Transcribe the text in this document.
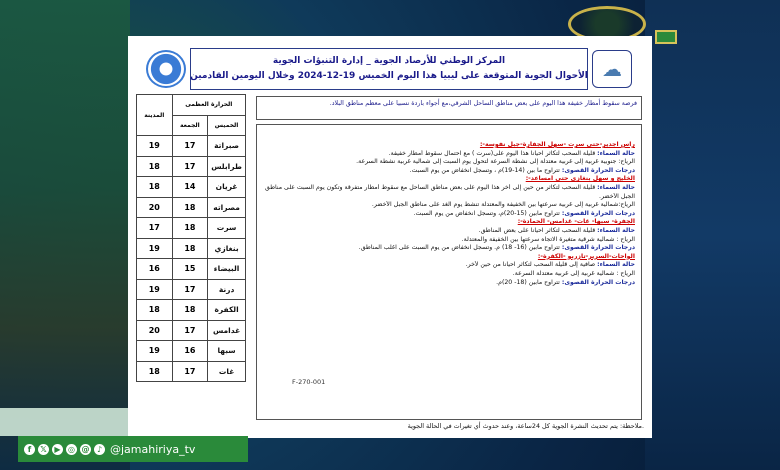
المركز الوطني للأرصاد الجوية _ إدارة التنبؤات الجوية
الأحوال الجوية المتوقعة على ليبيا هذا اليوم الخميس 19-12-2024 وخلال اليومين القادمين ☁
الحرارة العظمى		المدينة
الخميس	الجمعة	
صبراتة	17	19
طرابلس	17	18
غريان	14	18
مصراته	18	20
سرت	18	17
بنغازي	18	19
البيضاء	15	16
درنة	17	19
الكفرة	18	18
غدامس	17	20
سبها	16	19
غات	17	18
فرصة سقوط أمطار خفيفة هذا اليوم على بعض مناطق الساحل الشرقي،مع أجواء باردة نسبيا على معظم مناطق البلاد.
راس اجدير-حتى سرت -سهل الجفارة-جبل نفوسة-:
حالة السماء: قليلة السحب لتكاثر احيانا هذا اليوم على(سرت ) مع احتمال سقوط أمطار خفيفة.
الرياح: جنوبية غربية إلى غربية معتدلة إلى نشطة السرعة لتحول يوم السبت إلى شمالية غربية نشطة السرعة.
درجات الحرارة القصوى: تتراوح ما بين (14-19)م ، وتسجل انخفاض من يوم السبت.
الخليج و سهل بنغازي حتى امساعد-:
حالة السماء: قليلة السحب لتكاثر من حين إلى أخر هذا اليوم على بعض مناطق الساحل مع سقوط أمطار متفرقة وتكون يوم السبت على مناطق
الجبل الأخضر.
الرياح:شمالية غربية إلى غربية سرعتها بين الخفيفة والمعتدلة تنشط يوم الغد على مناطق الجبل الأخضر.
درجات الحرارة القصوى: تتراوح مابين (15-20)م، وتسجل انخفاض من يوم السبت.
الجفرة- سبها- غات- غدامس- الحمادة-:
حالة السماء: قليلة السحب لتكاثر احيانا على بعض المناطق.
الرياح : شمالية شرقية متغيرة الاتجاه سرعتها بين الخفيفة والمعتدلة.
درجات الحرارة القصوى: تتراوح مابين (16- 18) م. وتسجل انخفاض من يوم السبت على اغلب المناطق.
الواحات-السرير-تازربو -الكفرة-:
حالة السماء: صافية إلى قليلة السحب لتكاثر احيانا من حين لأخر.
الرياح : شمالية غربية إلى غربية معتدلة السرعة.
درجات الحرارة القصوى: تتراوح مابين (18- 20)م.
F-270-001
ملاحظة: يتم تحديث النشرة الجوية كل 24ساعة، وعند حدوث أي تغيرات في الحالة الجوية.
f	𝕏 ▶ ◎ @ ♪ @jamahiriya_tv
